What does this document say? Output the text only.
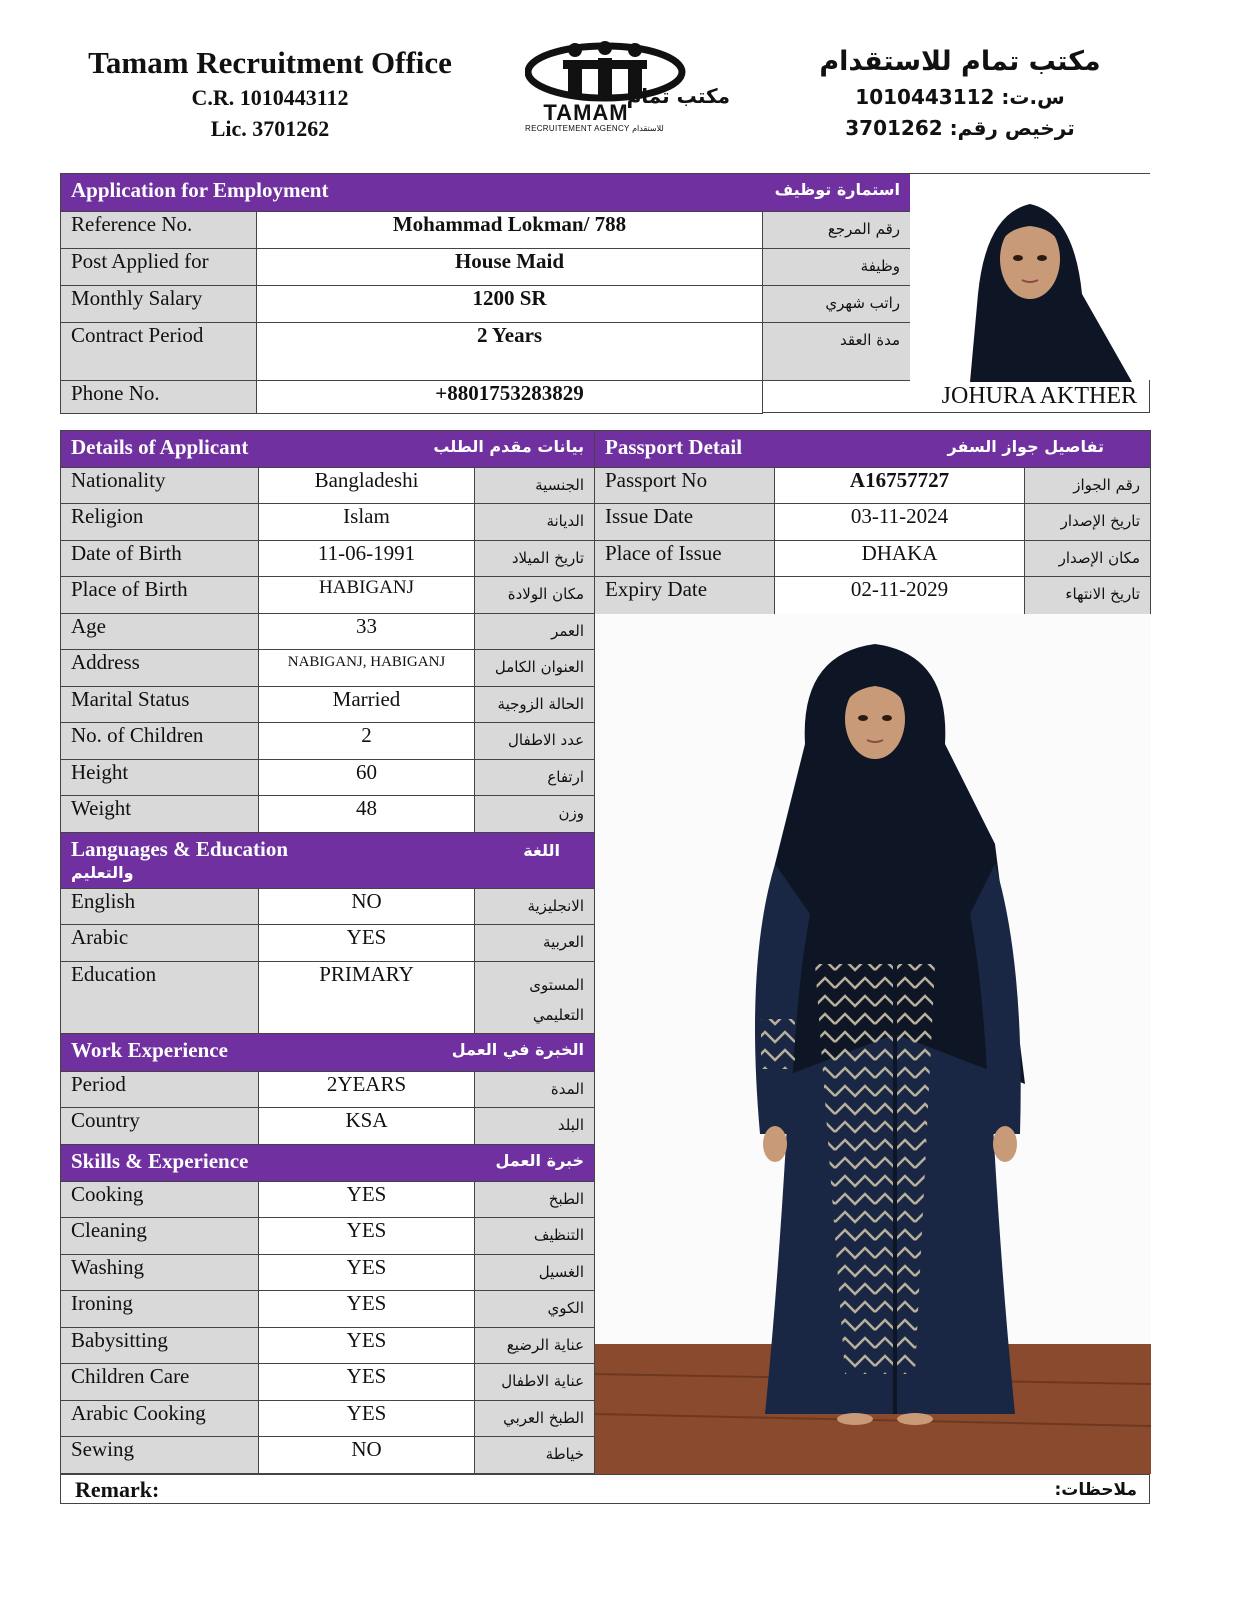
Tamam Recruitment Office
C.R. 1010443112
Lic. 3701262
TAMAM
مكتب تمام
RECRUITEMENT AGENCY للاستقدام
مكتب تمام للاستقدام
س.ت: 1010443112
ترخيص رقم: 3701262
Application for Employment استمارة توظيف		

Reference No.	Mohammad Lokman/ 788	رقم المرجع
Post Applied for	House Maid	وظيفة
Monthly Salary	1200 SR	راتب شهري
Contract Period	2 Years	مدة العقد
Phone No.	+8801753283829		JOHURA AKTHER
Details of Applicant بيانات مقدم الطلب		

Nationality	Bangladeshi	الجنسية
Religion	Islam	الديانة
Date of Birth	11-06-1991	تاريخ الميلاد
Place of Birth	HABIGANJ	مكان الولادة
Age	33	العمر
Address	NABIGANJ, HABIGANJ	العنوان الكامل
Marital Status	Married	الحالة الزوجية
No. of Children	2	عدد الاطفال
Height	60	ارتفاع
Weight	48	وزن
Languages & Education اللغة
والتعليم		

English	NO	الانجليزية
Arabic	YES	العربية
Education	PRIMARY	المستوى
التعليمي

Work Experience الخبرة في العمل		

Period	2YEARS	المدة
Country	KSA	البلد
Skills & Experience خبرة العمل		

Cooking	YES	الطبخ
Cleaning	YES	التنظيف
Washing	YES	الغسيل
Ironing	YES	الكوي
Babysitting	YES	عناية الرضيع
Children Care	YES	عناية الاطفال
Arabic Cooking	YES	الطبخ العربي
Sewing	NO	خياطة
Passport Detail تفاصيل جواز السفر		

Passport No	A16757727	رقم الجواز
Issue Date	03-11-2024	تاريخ الإصدار
Place of Issue	DHAKA	مكان الإصدار
Expiry Date	02-11-2029	تاريخ الانتهاء
Remark:	ملاحظات:
